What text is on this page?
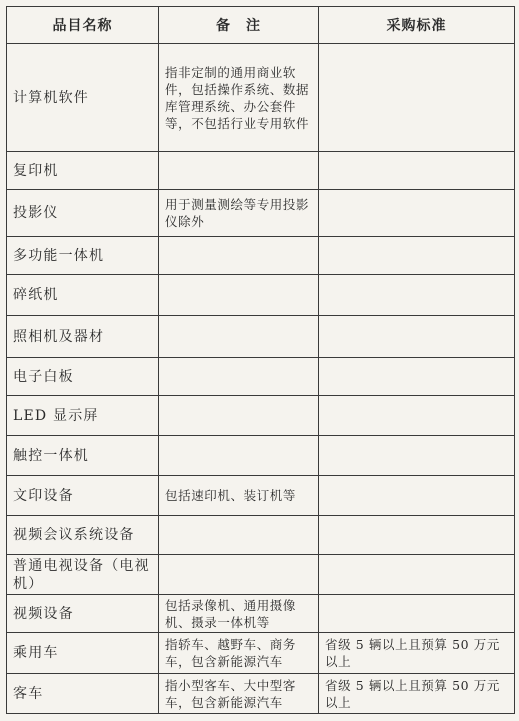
品目名称	备　注	采购标准
计算机软件	指非定制的通用商业软件，包括操作系统、数据库管理系统、办公套件等，不包括行业专用软件	
复印机		
投影仪	用于测量测绘等专用投影仪除外	
多功能一体机		
碎纸机		
照相机及器材		
电子白板		
LED 显示屏		
触控一体机		
文印设备	包括速印机、装订机等	
视频会议系统设备		
普通电视设备（电视机）		
视频设备	包括录像机、通用摄像机、摄录一体机等	
乘用车	指轿车、越野车、商务车，包含新能源汽车	省级 5 辆以上且预算 50 万元以上
客车	指小型客车、大中型客车，包含新能源汽车	省级 5 辆以上且预算 50 万元以上
